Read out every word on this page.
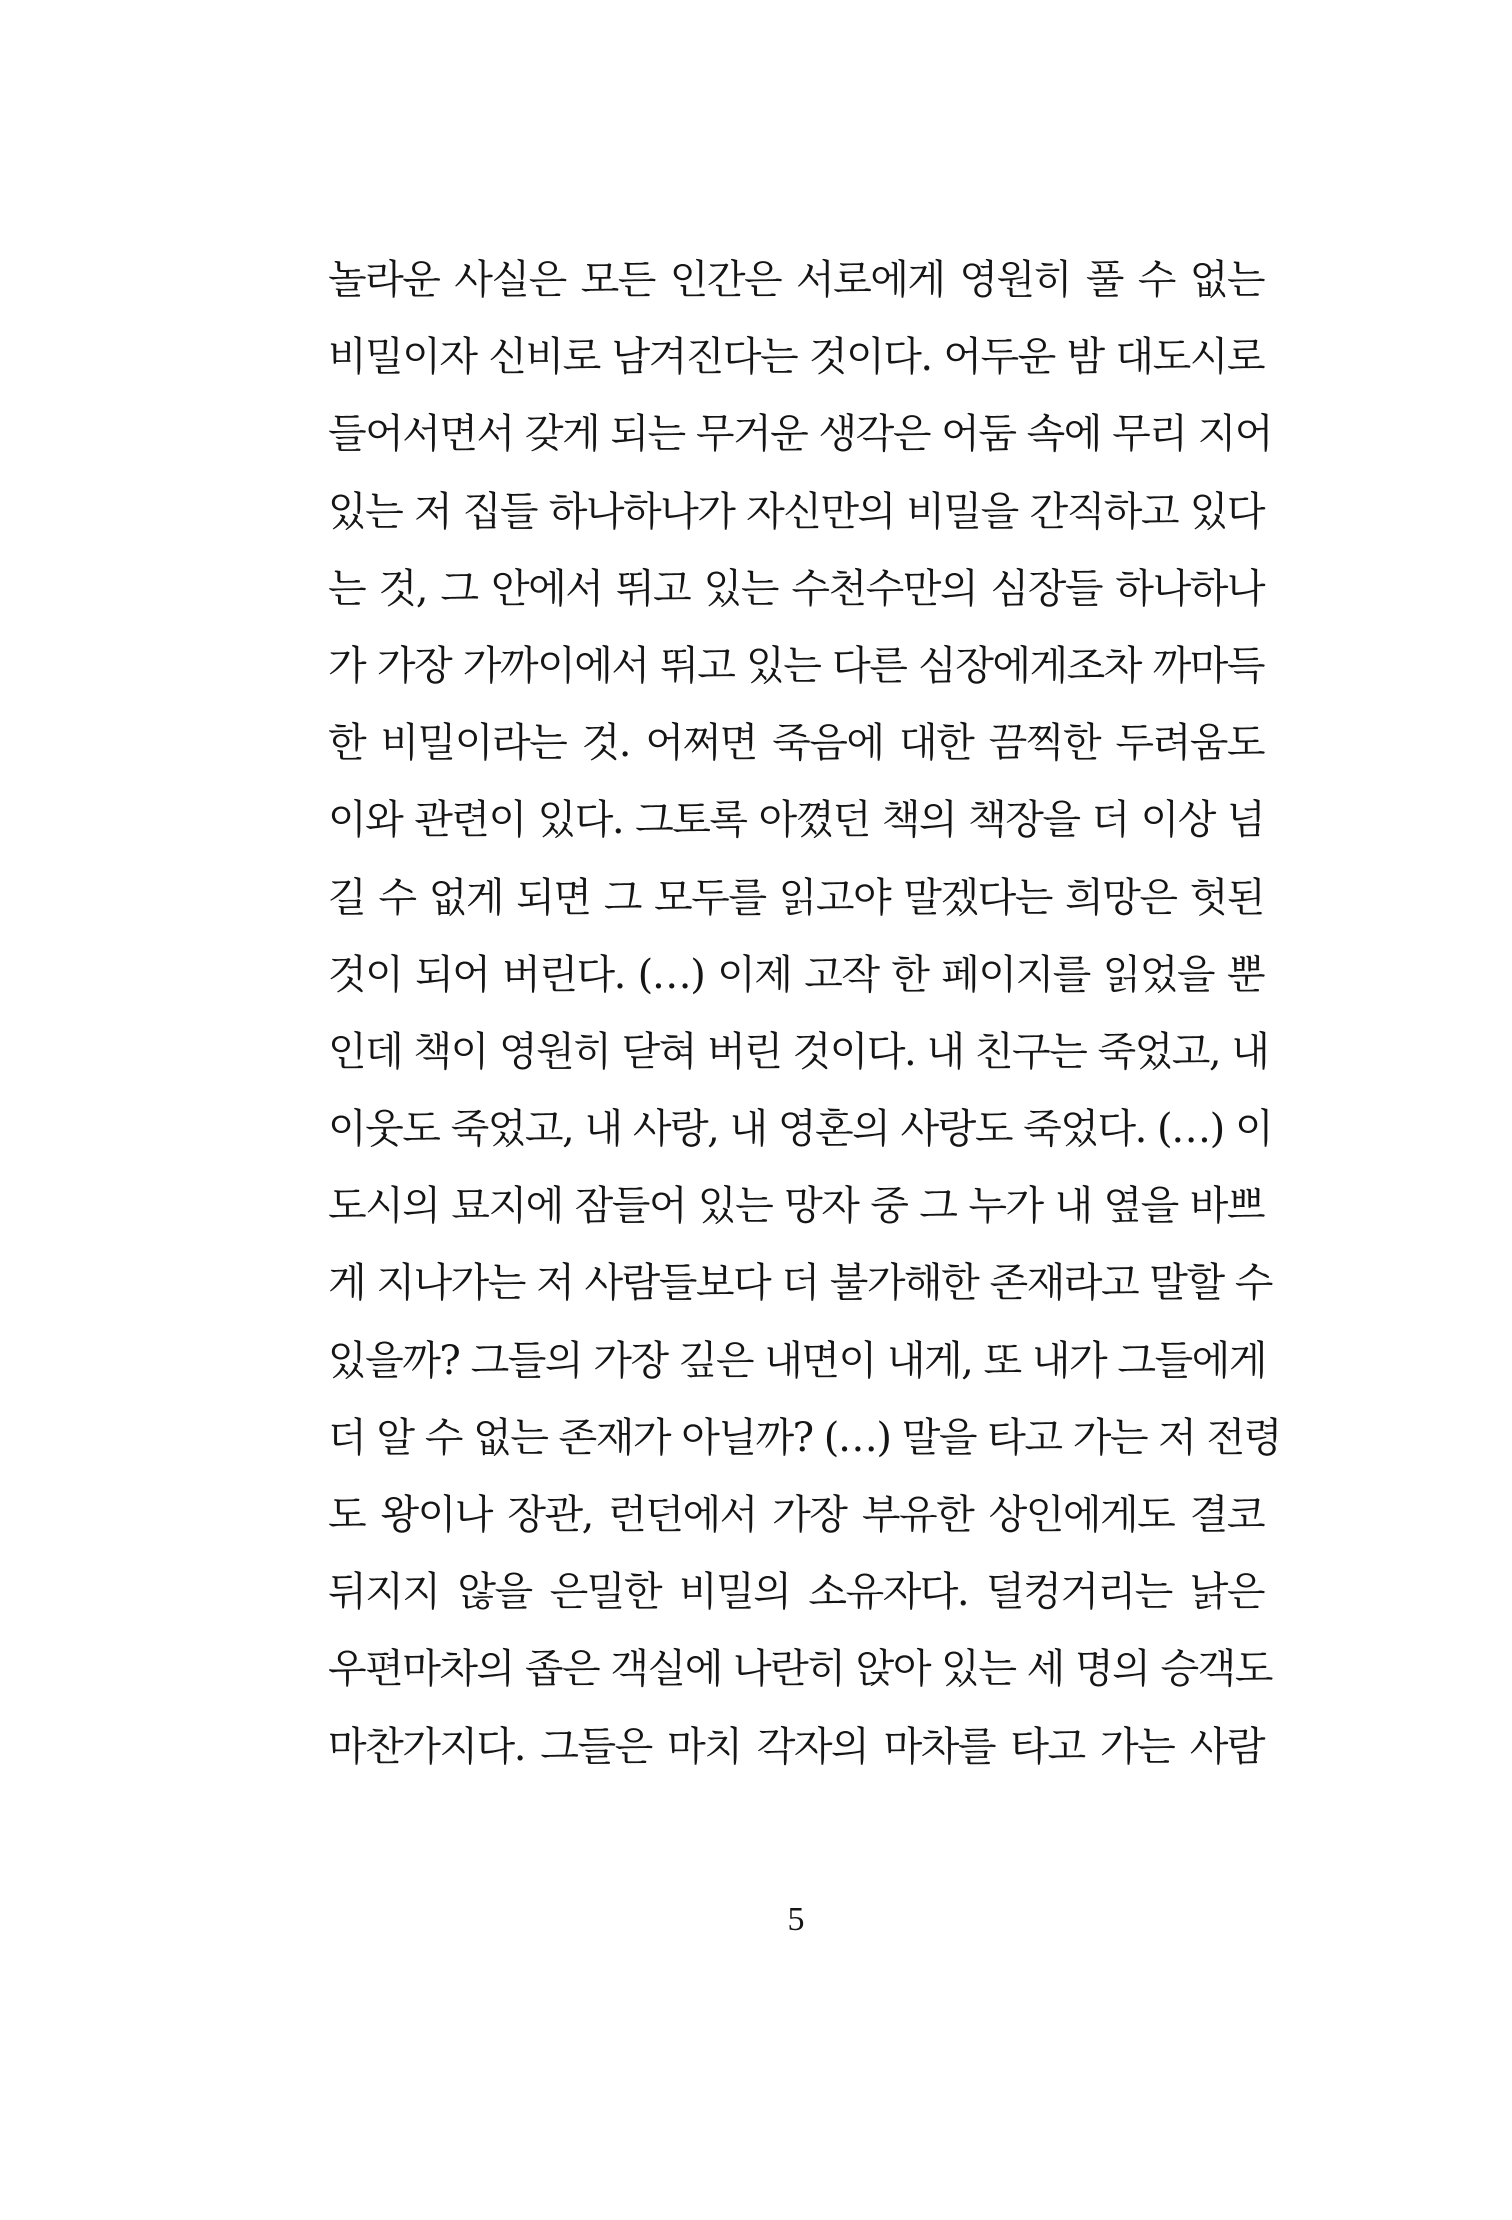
놀라운 사실은 모든 인간은 서로에게 영원히 풀 수 없는
비밀이자 신비로 남겨진다는 것이다. 어두운 밤 대도시로
들어서면서 갖게 되는 무거운 생각은 어둠 속에 무리 지어
있는 저 집들 하나하나가 자신만의 비밀을 간직하고 있다
는 것, 그 안에서 뛰고 있는 수천수만의 심장들 하나하나
가 가장 가까이에서 뛰고 있는 다른 심장에게조차 까마득
한 비밀이라는 것. 어쩌면 죽음에 대한 끔찍한 두려움도
이와 관련이 있다. 그토록 아꼈던 책의 책장을 더 이상 넘
길 수 없게 되면 그 모두를 읽고야 말겠다는 희망은 헛된
것이 되어 버린다. (…) 이제 고작 한 페이지를 읽었을 뿐
인데 책이 영원히 닫혀 버린 것이다. 내 친구는 죽었고, 내
이웃도 죽었고, 내 사랑, 내 영혼의 사랑도 죽었다. (…) 이
도시의 묘지에 잠들어 있는 망자 중 그 누가 내 옆을 바쁘
게 지나가는 저 사람들보다 더 불가해한 존재라고 말할 수
있을까? 그들의 가장 깊은 내면이 내게, 또 내가 그들에게
더 알 수 없는 존재가 아닐까? (…) 말을 타고 가는 저 전령
도 왕이나 장관, 런던에서 가장 부유한 상인에게도 결코
뒤지지 않을 은밀한 비밀의 소유자다. 덜컹거리는 낡은
우편마차의 좁은 객실에 나란히 앉아 있는 세 명의 승객도
마찬가지다. 그들은 마치 각자의 마차를 타고 가는 사람
5
